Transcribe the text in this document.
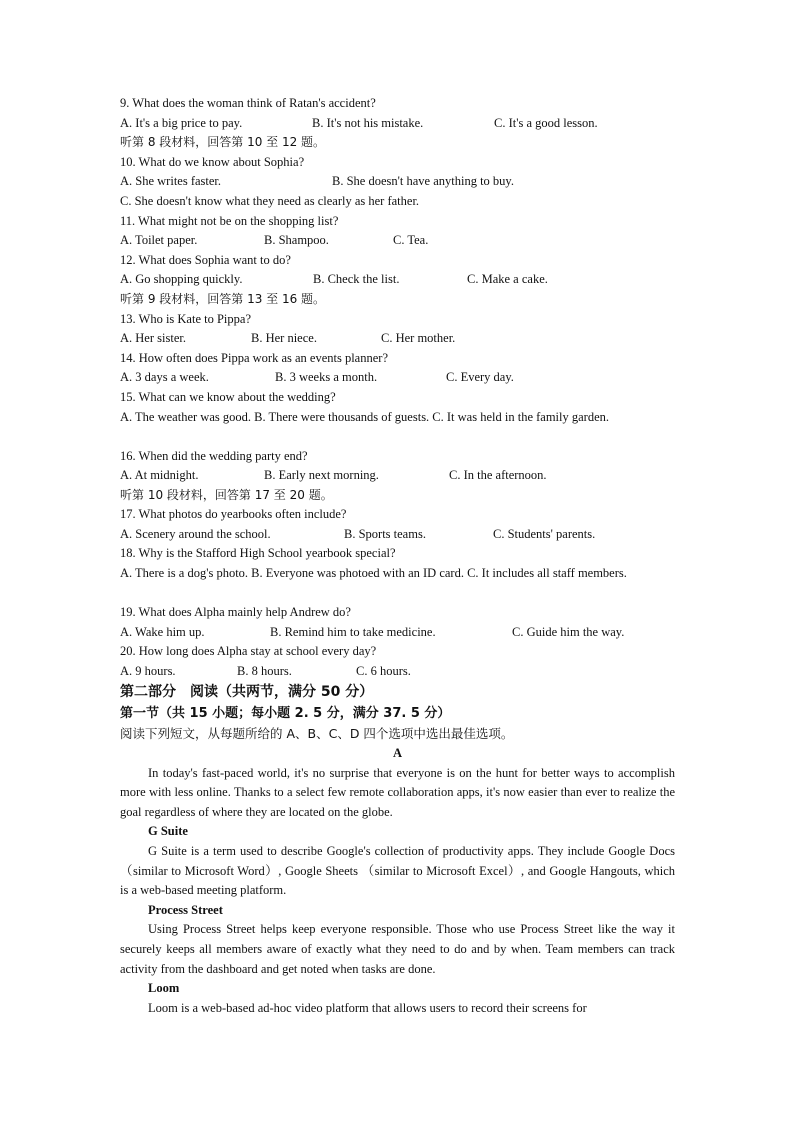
9. What does the woman think of Ratan's accident?
A. It's a big price to pay.	B. It's not his mistake.	C. It's a good lesson.
听第 8 段材料，回答第 10 至 12 题。
10. What do we know about Sophia?
A. She writes faster.	B. She doesn't have anything to buy.
C. She doesn't know what they need as clearly as her father.
11. What might not be on the shopping list?
A. Toilet paper.	B. Shampoo.	C. Tea.
12. What does Sophia want to do?
A. Go shopping quickly.	B. Check the list.	C. Make a cake.
听第 9 段材料，回答第 13 至 16 题。
13. Who is Kate to Pippa?
A. Her sister.	B. Her niece.	C. Her mother.
14. How often does Pippa work as an events planner?
A. 3 days a week.	B. 3 weeks a month.	C. Every day.
15. What can we know about the wedding?
A. The weather was good. B. There were thousands of guests. C. It was held in the family garden.
16. When did the wedding party end?
A. At midnight.	B. Early next morning.	C. In the afternoon.
听第 10 段材料，回答第 17 至 20 题。
17. What photos do yearbooks often include?
A. Scenery around the school.	B. Sports teams.	C. Students' parents.
18. Why is the Stafford High School yearbook special?
A. There is a dog's photo. B. Everyone was photoed with an ID card. C. It includes all staff members.
19. What does Alpha mainly help Andrew do?
A. Wake him up.	B. Remind him to take medicine.	C. Guide him the way.
20. How long does Alpha stay at school every day?
A. 9 hours.	B. 8 hours.	C. 6 hours.
第二部分　阅读（共两节，满分 50 分）
第一节（共 15 小题；每小题 2. 5 分，满分 37. 5 分）
阅读下列短文，从每题所给的 A、B、C、D 四个选项中选出最佳选项。
A
In today's fast-paced world, it's no surprise that everyone is on the hunt for better ways to accomplish more with less online. Thanks to a select few remote collaboration apps, it's now easier than ever to realize the goal regardless of where they are located on the globe.
G Suite
G Suite is a term used to describe Google's collection of productivity apps. They include Google Docs （similar to Microsoft Word）, Google Sheets （similar to Microsoft Excel）, and Google Hangouts, which is a web-based meeting platform.
Process Street
Using Process Street helps keep everyone responsible. Those who use Process Street like the way it securely keeps all members aware of exactly what they need to do and by when. Team members can track activity from the dashboard and get noted when tasks are done.
Loom
Loom is a web-based ad-hoc video platform that allows users to record their screens for
